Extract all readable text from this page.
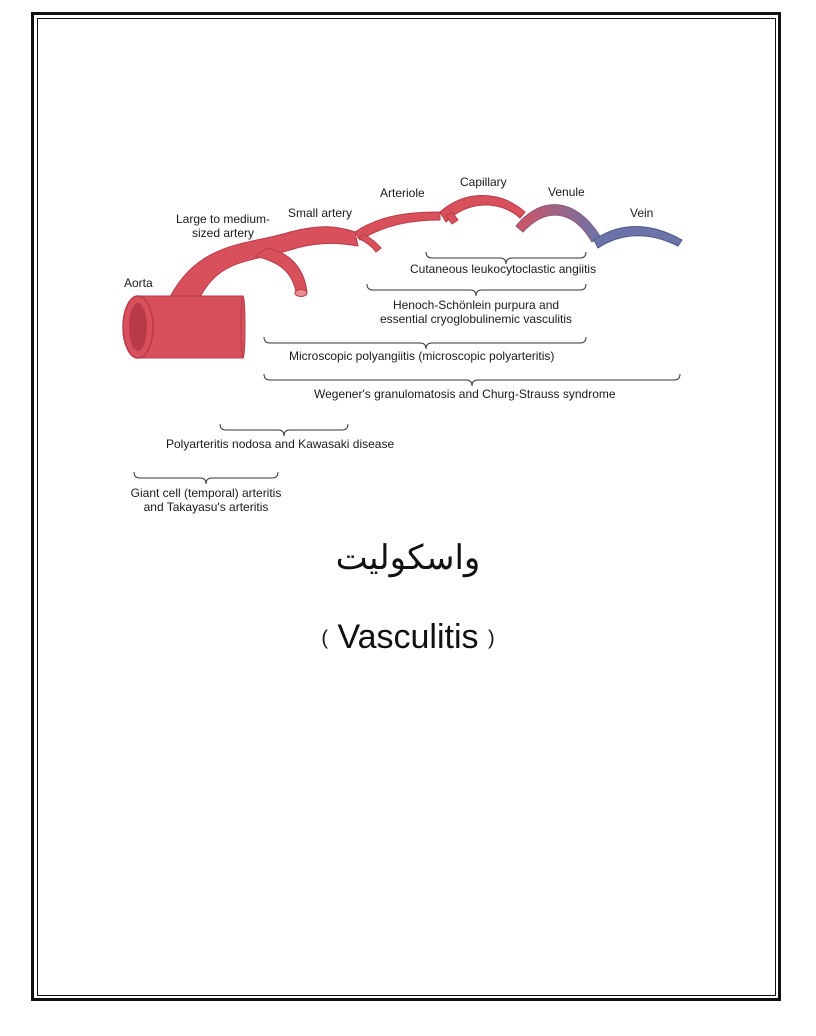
Aorta
Large to medium-
sized artery
Small artery
Arteriole
Capillary
Venule
Vein
Cutaneous leukocytoclastic angiitis
Henoch-Schönlein purpura and
essential cryoglobulinemic vasculitis
Microscopic polyangiitis (microscopic polyarteritis)
Wegener's granulomatosis and Churg-Strauss syndrome
Polyarteritis nodosa and Kawasaki disease
Giant cell (temporal) arteritis
and Takayasu's arteritis
واسکولیت
( Vasculitis )
